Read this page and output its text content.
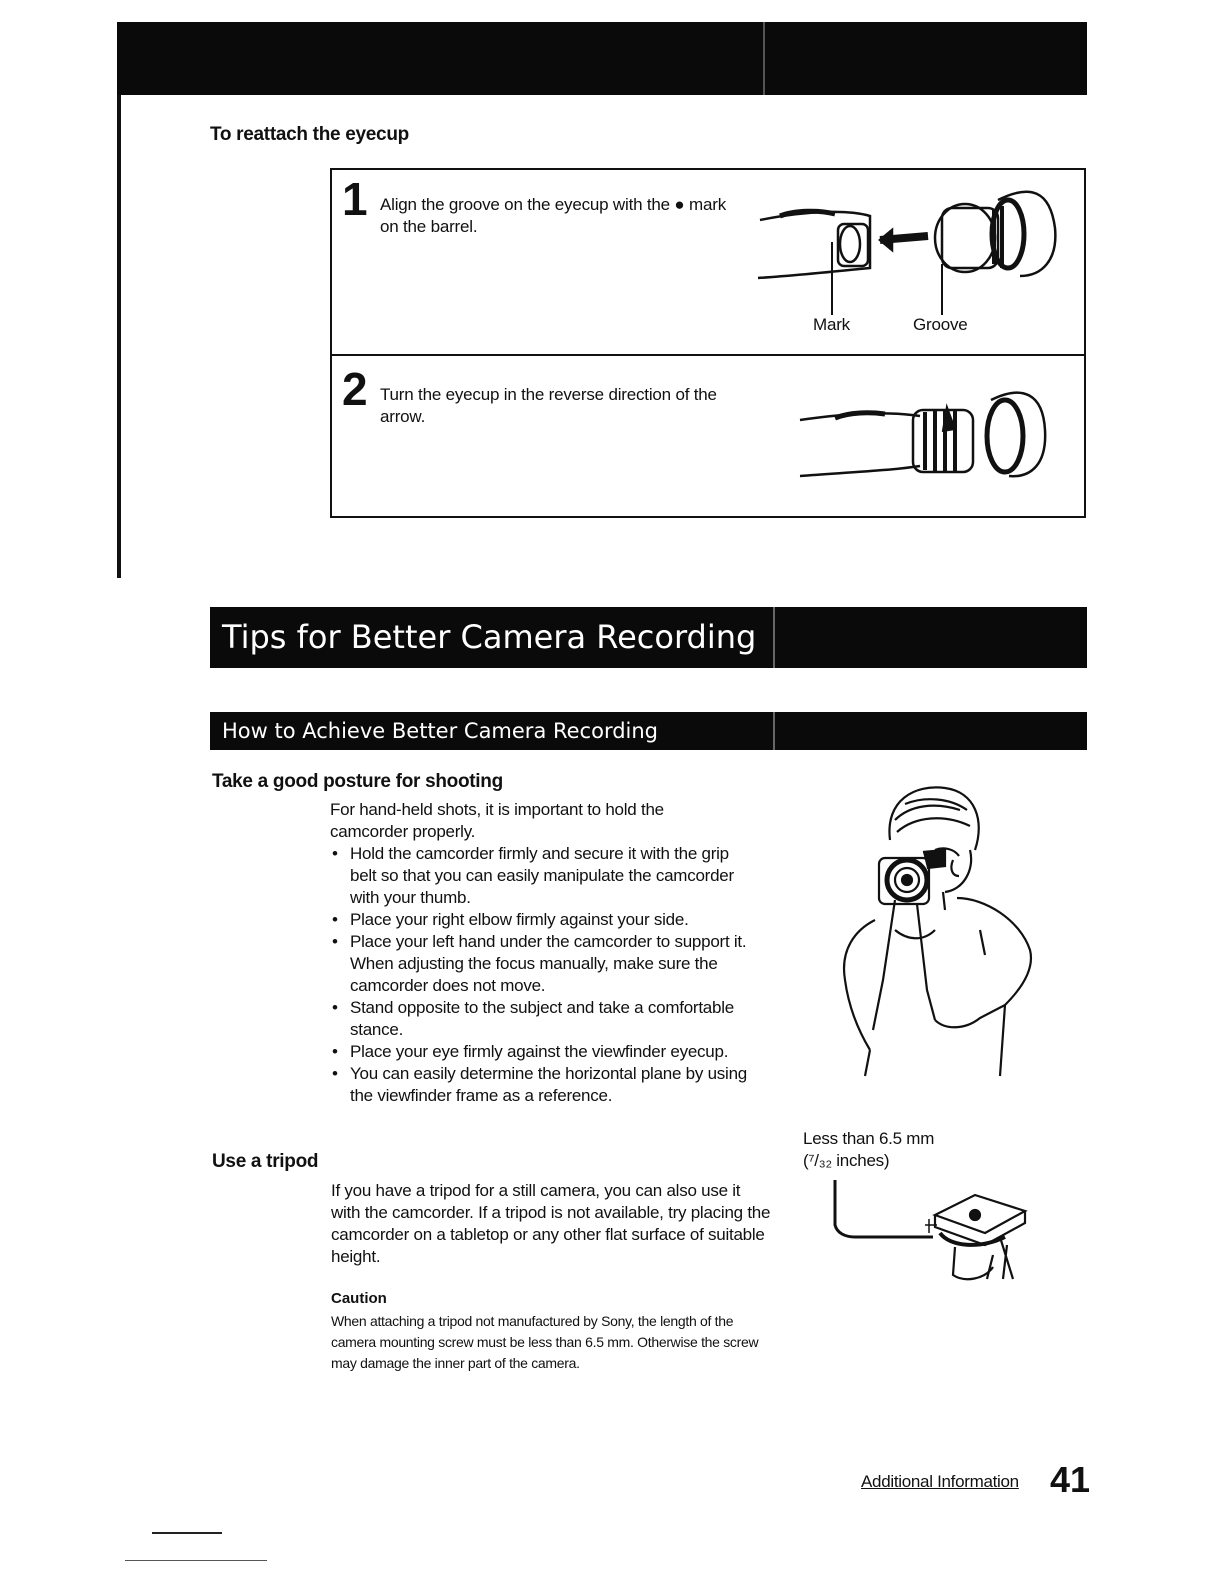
To reattach the eyecup
1 Align the groove on the eyecup with the ● mark on the barrel.
Mark	Groove
2 Turn the eyecup in the reverse direction of the arrow.
Tips for Better Camera Recording
How to Achieve Better Camera Recording
Take a good posture for shooting
For hand-held shots, it is important to hold the camcorder properly.
• Hold the camcorder firmly and secure it with the grip belt so that you can easily manipulate the camcorder with your thumb.
• Place your right elbow firmly against your side.
• Place your left hand under the camcorder to support it. When adjusting the focus manually, make sure the camcorder does not move.
• Stand opposite to the subject and take a comfortable stance.
• Place your eye firmly against the viewfinder eyecup.
• You can easily determine the horizontal plane by using the viewfinder frame as a reference.
Use a tripod
If you have a tripod for a still camera, you can also use it with the camcorder. If a tripod is not available, try placing the camcorder on a tabletop or any other flat surface of suitable height.
Caution
When attaching a tripod not manufactured by Sony, the length of the camera mounting screw must be less than 6.5 mm. Otherwise the screw may damage the inner part of the camera.
Less than 6.5 mm
(⁷/₃₂ inches)
Additional Information 41
